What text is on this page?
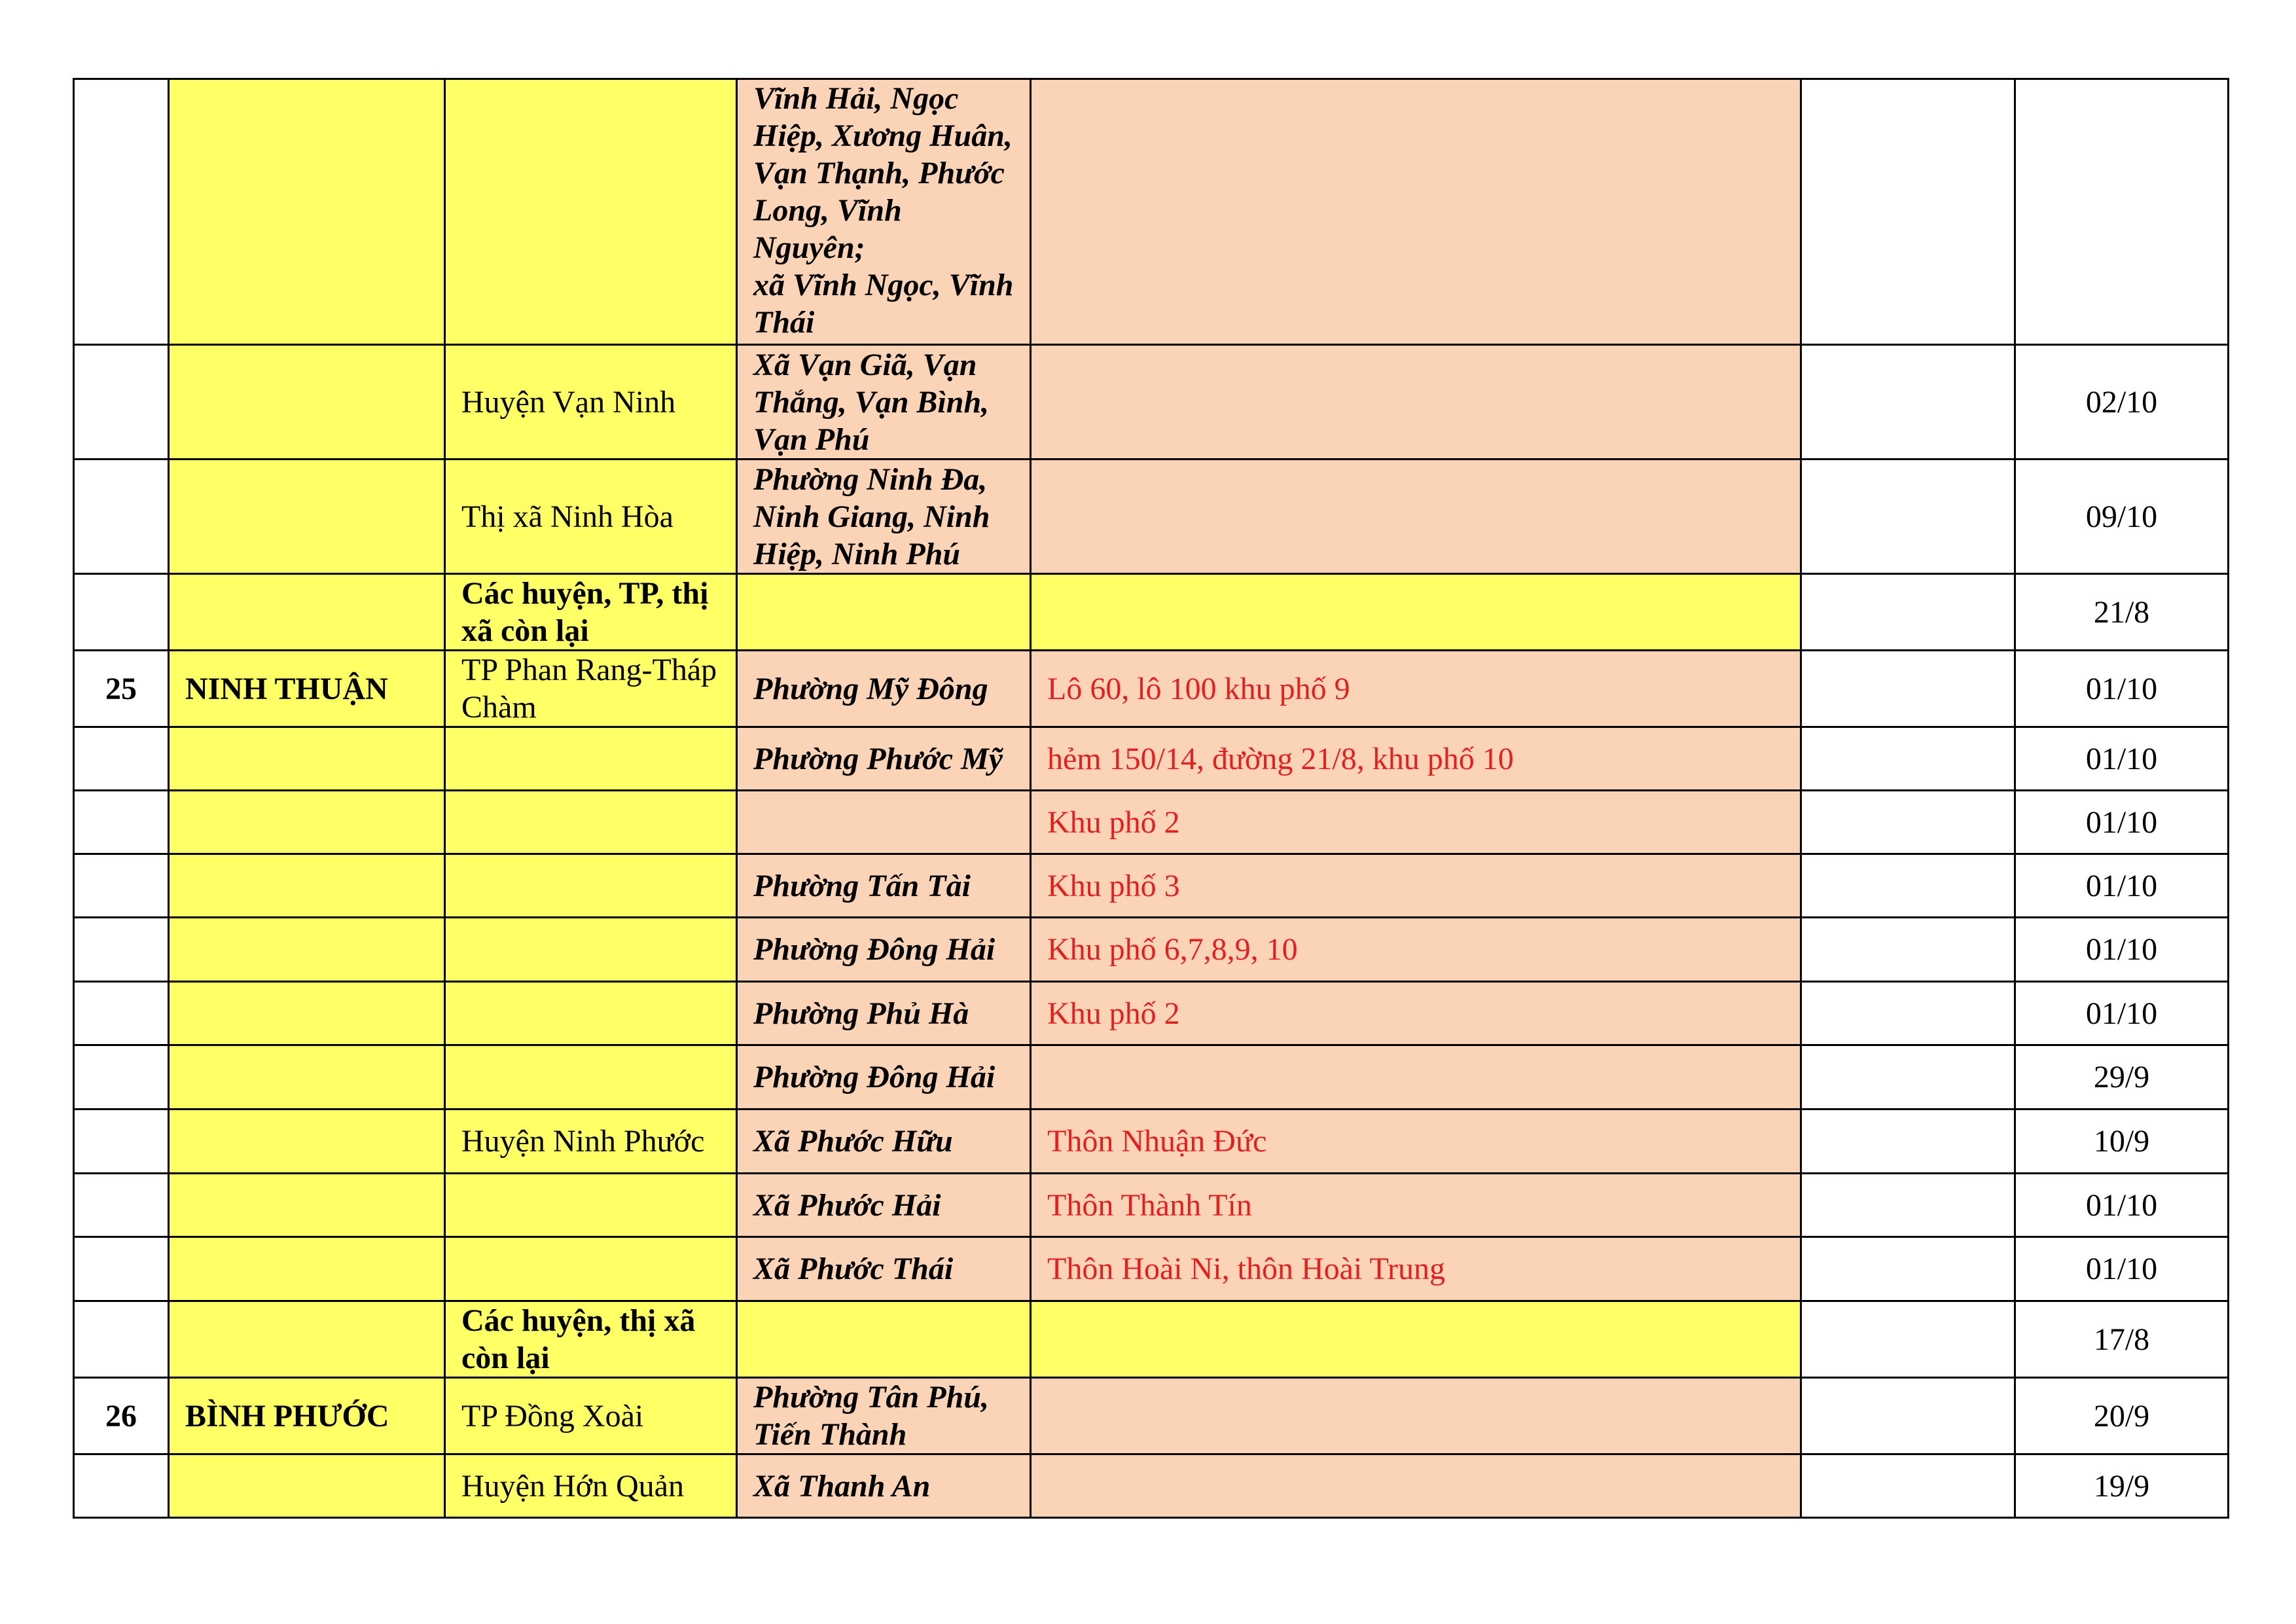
			Vĩnh Hải, Ngọc Hiệp, Xương Huân, Vạn Thạnh, Phước Long, Vĩnh Nguyên;
xã Vĩnh Ngọc, Vĩnh Thái			
		Huyện Vạn Ninh	Xã Vạn Giã, Vạn Thắng, Vạn Bình, Vạn Phú			02/10
		Thị xã Ninh Hòa	Phường Ninh Đa, Ninh Giang, Ninh Hiệp, Ninh Phú			09/10
		Các huyện, TP, thị xã còn lại				21/8
25	NINH THUẬN	TP Phan Rang-Tháp Chàm	Phường Mỹ Đông	Lô 60, lô 100 khu phố 9		01/10
			Phường Phước Mỹ	hẻm 150/14, đường 21/8, khu phố 10		01/10
				Khu phố 2		01/10
			Phường Tấn Tài	Khu phố 3		01/10
			Phường Đông Hải	Khu phố 6,7,8,9, 10		01/10
			Phường Phủ Hà	Khu phố 2		01/10
			Phường Đông Hải			29/9
		Huyện Ninh Phước	Xã Phước Hữu	Thôn Nhuận Đức		10/9
			Xã Phước Hải	Thôn Thành Tín		01/10
			Xã Phước Thái	Thôn Hoài Ni, thôn Hoài Trung		01/10
		Các huyện, thị xã còn lại				17/8
26	BÌNH PHƯỚC	TP Đồng Xoài	Phường Tân Phú, Tiến Thành			20/9
		Huyện Hớn Quản	Xã Thanh An			19/9
